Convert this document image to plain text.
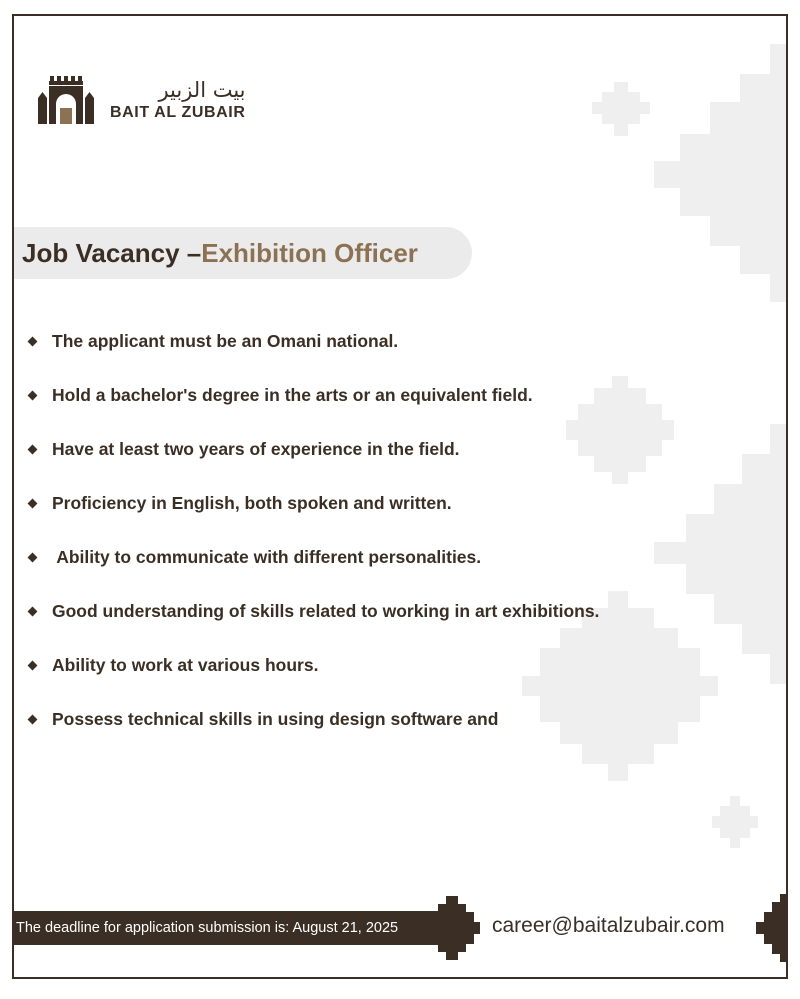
بيت الزبير
BAIT AL ZUBAIR
Job Vacancy – Exhibition Officer
The applicant must be an Omani national.
Hold a bachelor's degree in the arts or an equivalent field.
Have at least two years of experience in the field.
Proficiency in English, both spoken and written.
Ability to communicate with different personalities.
Good understanding of skills related to working in art exhibitions.
Ability to work at various hours.
Possess technical skills in using design software and
The deadline for application submission is: August 21, 2025	career@baitalzubair.com
